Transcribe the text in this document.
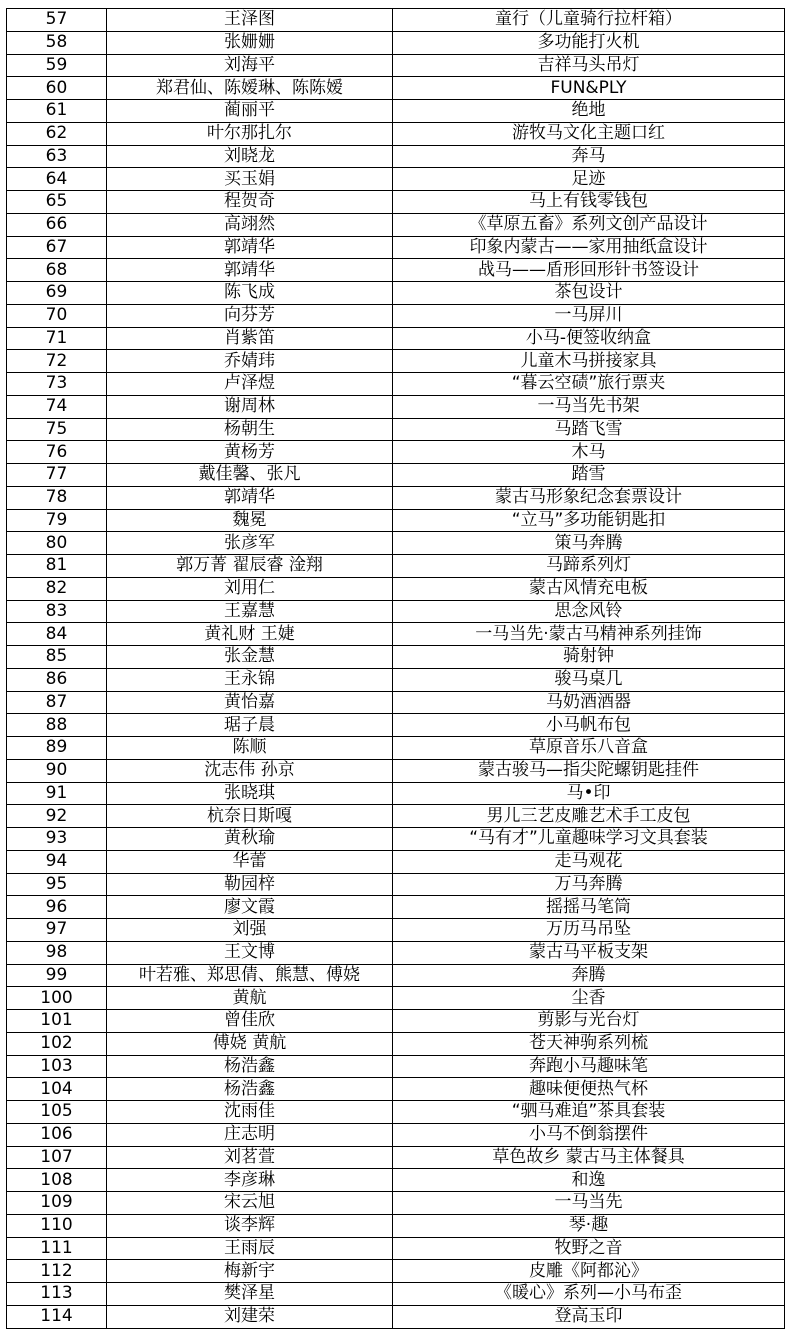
57	王泽图	童行（儿童骑行拉杆箱）
58	张姗姗	多功能打火机
59	刘海平	吉祥马头吊灯
60	郑君仙、陈嫒琳、陈陈嫒	FUN&PLY
61	蔺丽平	绝地
62	叶尔那扎尔	游牧马文化主题口红
63	刘晓龙	奔马
64	买玉娟	足迹
65	程贺奇	马上有钱零钱包
66	高翊然	《草原五畜》系列文创产品设计
67	郭靖华	印象内蒙古——家用抽纸盒设计
68	郭靖华	战马——盾形回形针书签设计
69	陈飞成	茶包设计
70	向芬芳	一马屏川
71	肖紫笛	小马-便签收纳盒
72	乔婧玮	儿童木马拼接家具
73	卢泽煜	“暮云空碛”旅行票夹
74	谢周林	一马当先书架
75	杨朝生	马踏飞雪
76	黄杨芳	木马
77	戴佳馨、张凡	踏雪
78	郭靖华	蒙古马形象纪念套票设计
79	魏冕	“立马”多功能钥匙扣
80	张彦军	策马奔腾
81	郭万菁 翟辰睿 淦翔	马蹄系列灯
82	刘用仁	蒙古风情充电板
83	王嘉慧	思念风铃
84	黄礼财 王婕	一马当先·蒙古马精神系列挂饰
85	张金慧	骑射钟
86	王永锦	骏马桌几
87	黄怡嘉	马奶酒酒器
88	琚子晨	小马帆布包
89	陈顺	草原音乐八音盒
90	沈志伟 孙京	蒙古骏马—指尖陀螺钥匙挂件
91	张晓琪	马•印
92	杭奈日斯嘎	男儿三艺皮雕艺术手工皮包
93	黄秋瑜	“马有才”儿童趣味学习文具套装
94	华蕾	走马观花
95	勒园梓	万马奔腾
96	廖文霞	摇摇马笔筒
97	刘强	万历马吊坠
98	王文博	蒙古马平板支架
99	叶若雅、郑思倩、熊慧、傅娆	奔腾
100	黄航	尘香
101	曾佳欣	剪影与光台灯
102	傅娆 黄航	苍天神驹系列梳
103	杨浩鑫	奔跑小马趣味笔
104	杨浩鑫	趣味便便热气杯
105	沈雨佳	“驷马难追”茶具套装
106	庄志明	小马不倒翁摆件
107	刘茗萱	草色故乡 蒙古马主体餐具
108	李彦琳	和逸
109	宋云旭	一马当先
110	谈李辉	琴·趣
111	王雨辰	牧野之音
112	梅新宇	皮雕《阿都沁》
113	樊泽星	《暖心》系列—小马布歪
114	刘建荣	登高玉印
